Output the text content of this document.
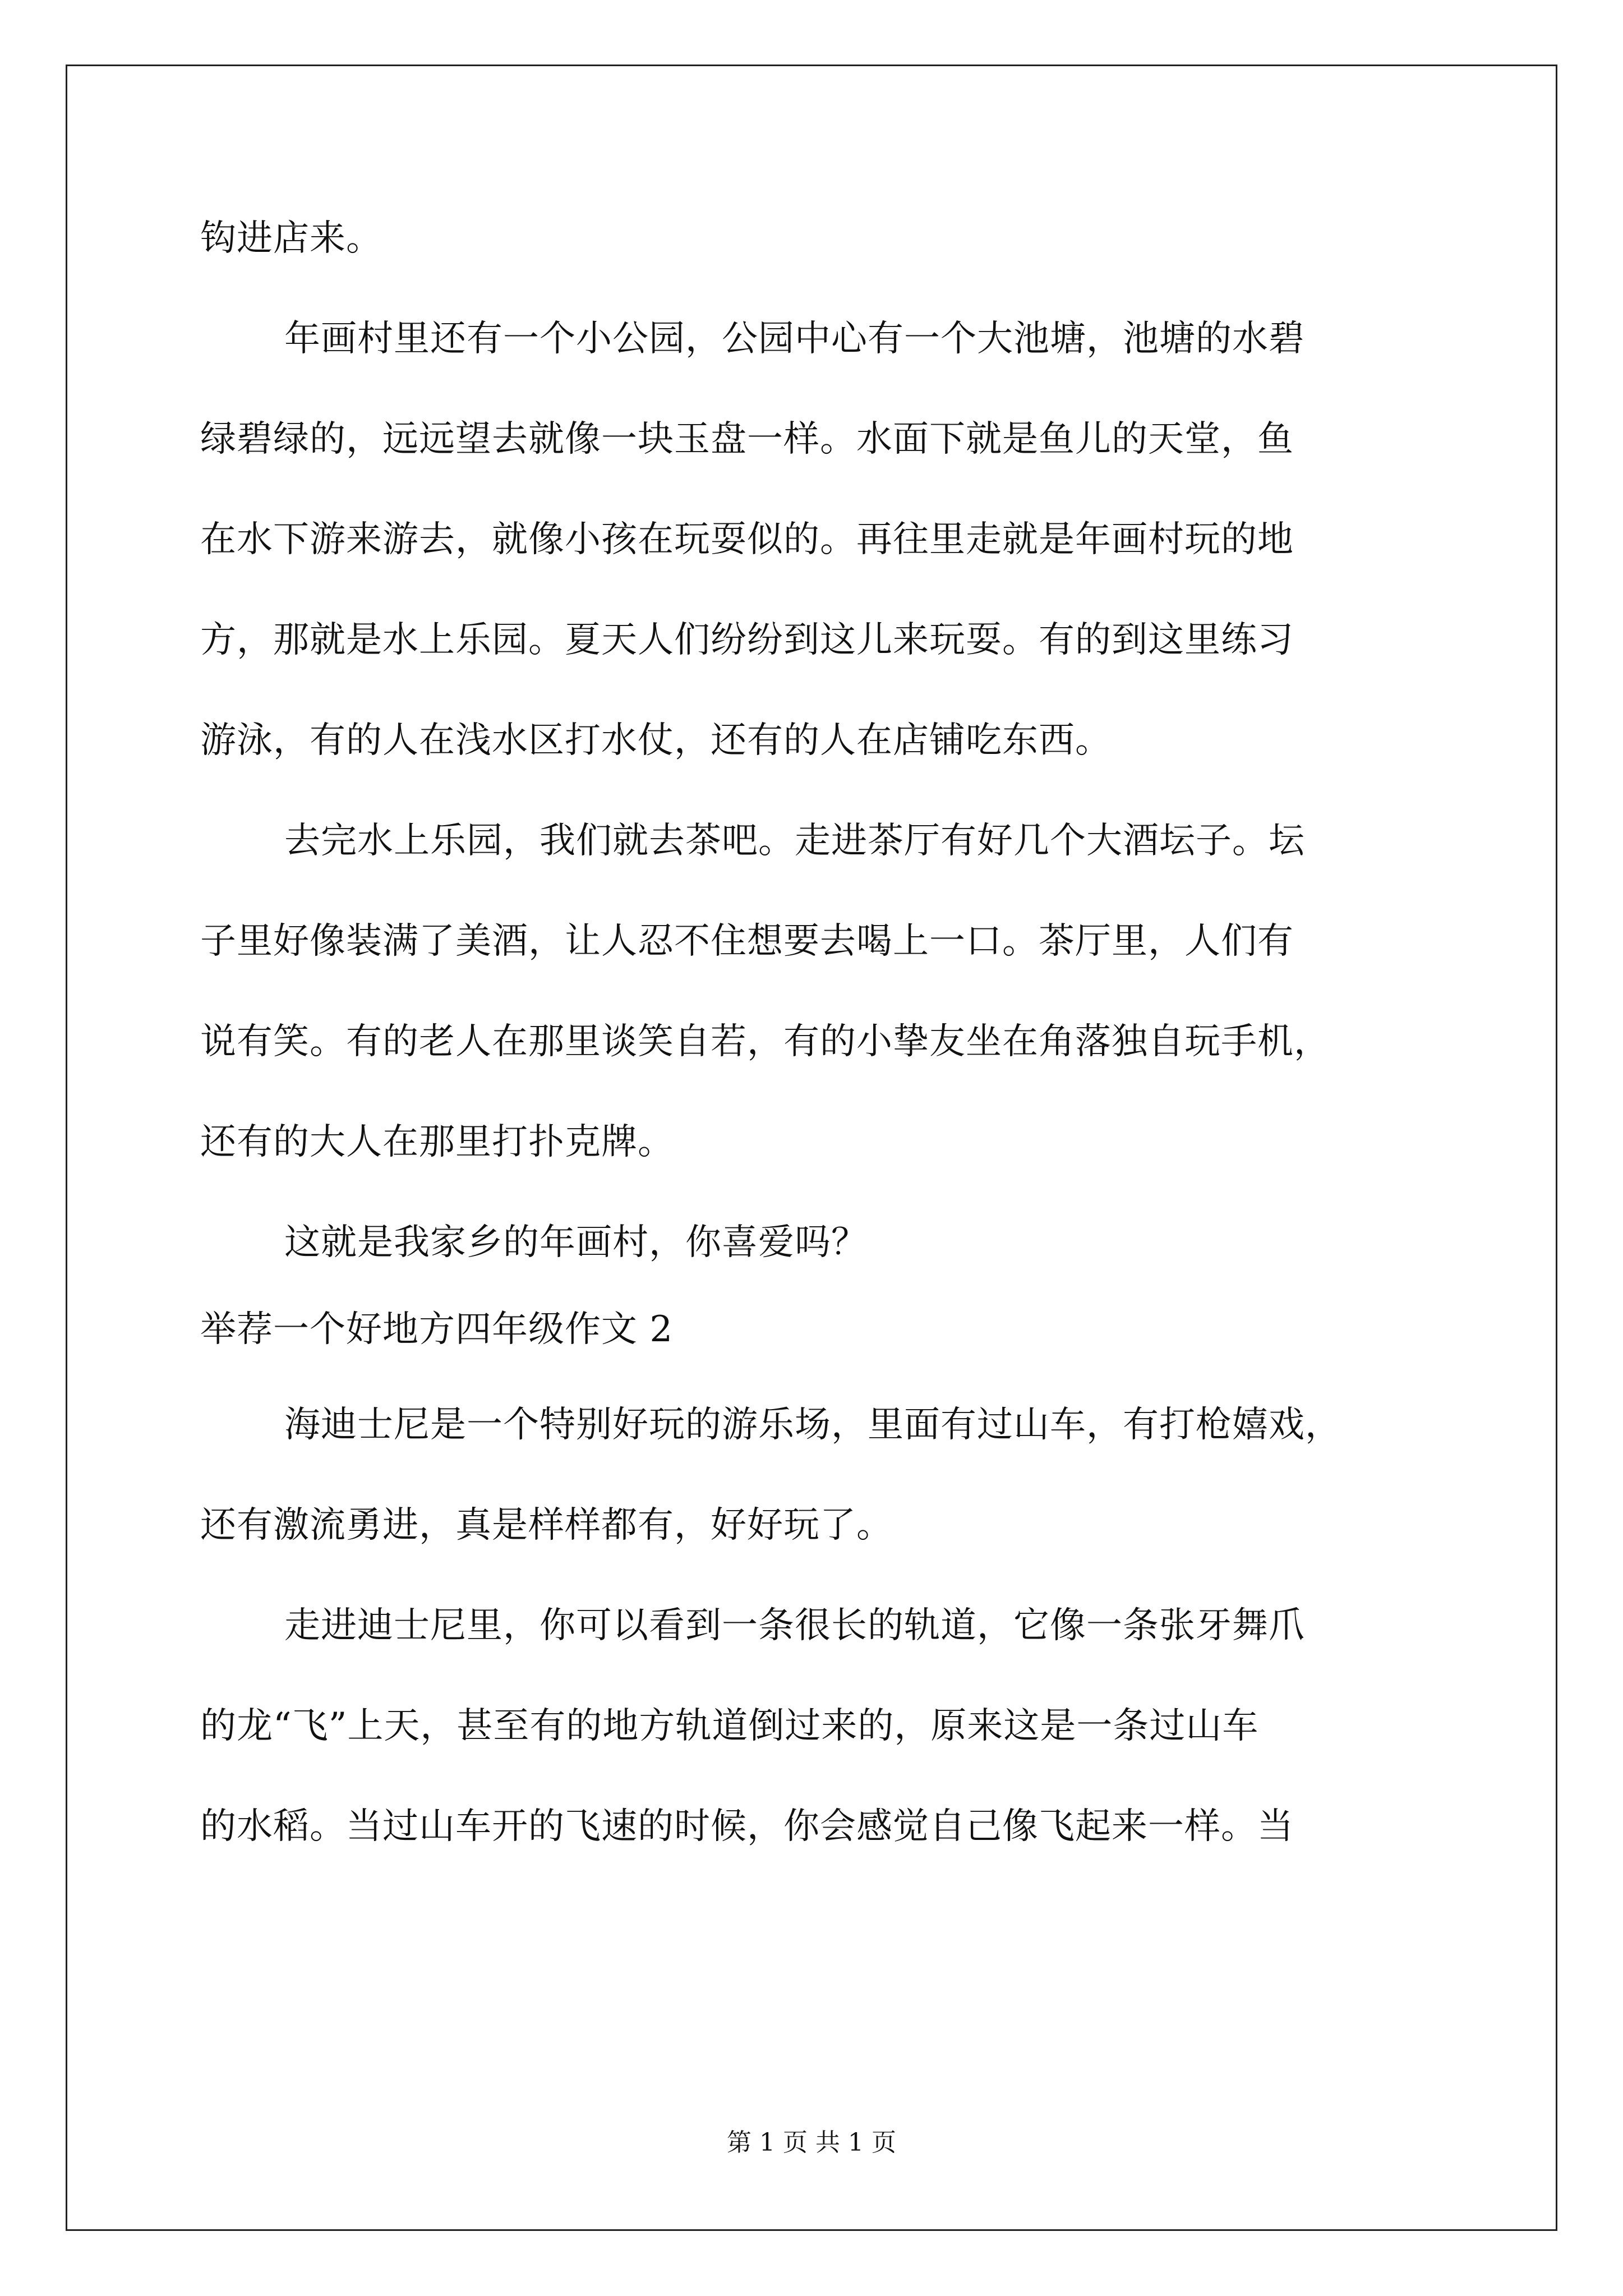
钩进店来。
年画村里还有一个小公园，公园中心有一个大池塘，池塘的水碧
绿碧绿的，远远望去就像一块玉盘一样。水面下就是鱼儿的天堂，鱼
在水下游来游去，就像小孩在玩耍似的。再往里走就是年画村玩的地
方，那就是水上乐园。夏天人们纷纷到这儿来玩耍。有的到这里练习
游泳，有的人在浅水区打水仗，还有的人在店铺吃东西。
去完水上乐园，我们就去茶吧。走进茶厅有好几个大酒坛子。坛
子里好像装满了美酒，让人忍不住想要去喝上一口。茶厅里，人们有
说有笑。有的老人在那里谈笑自若，有的小挚友坐在角落独自玩手机，
还有的大人在那里打扑克牌。
这就是我家乡的年画村，你喜爱吗？
举荐一个好地方四年级作文 2
海迪士尼是一个特别好玩的游乐场，里面有过山车，有打枪嬉戏，
还有激流勇进，真是样样都有，好好玩了。
走进迪士尼里，你可以看到一条很长的轨道，它像一条张牙舞爪
的龙“飞”上天，甚至有的地方轨道倒过来的，原来这是一条过山车
的水稻。当过山车开的飞速的时候，你会感觉自己像飞起来一样。当
第 1 页 共 1 页
